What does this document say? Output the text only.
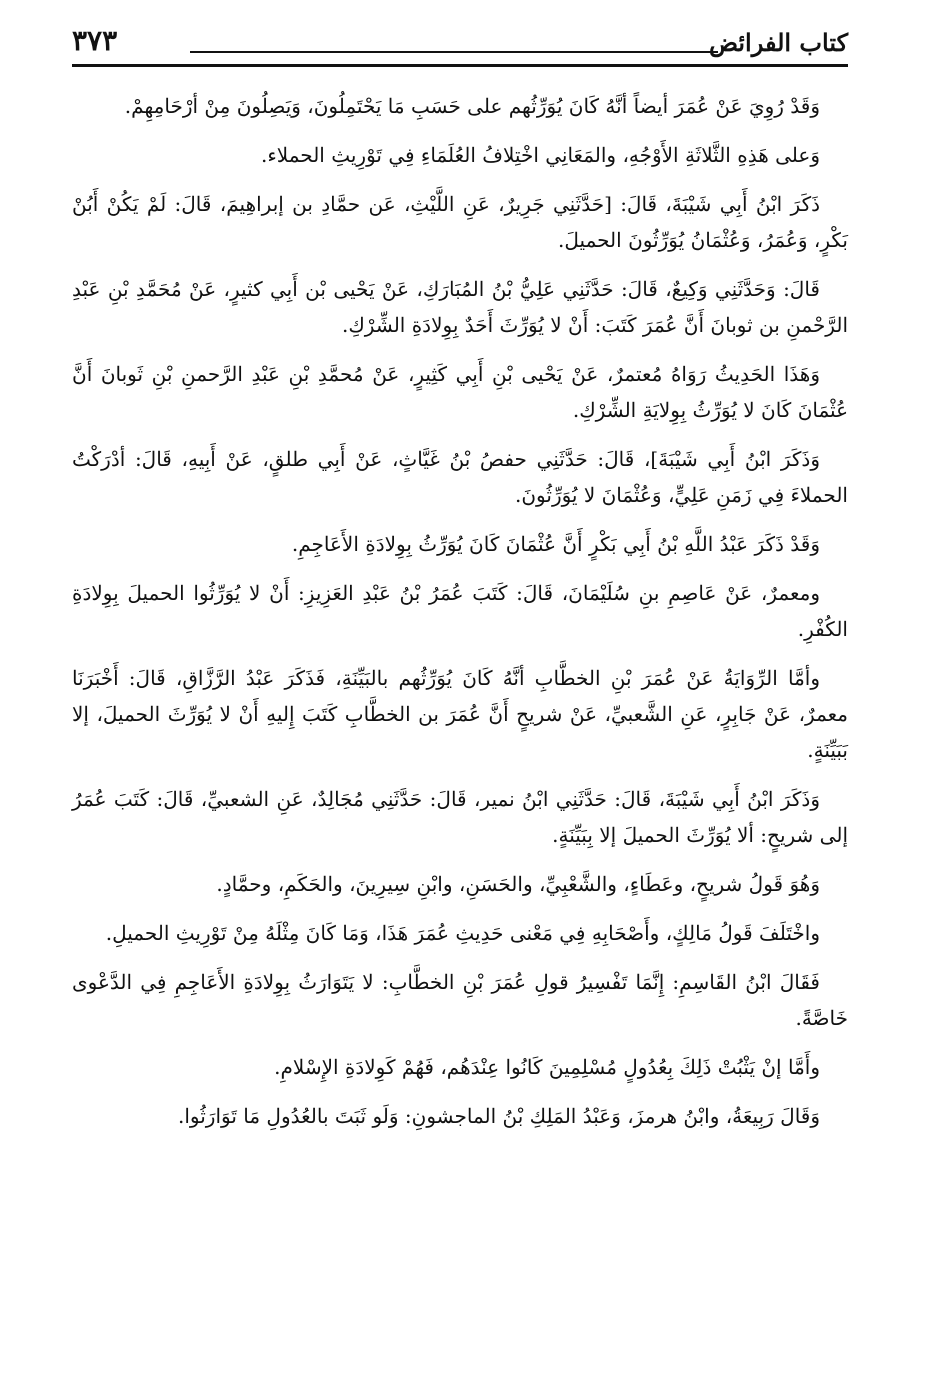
كتاب الفرائض
٣٧٣

وَقَدْ رُوِيَ عَنْ عُمَرَ أيضاً أنَّهُ كَانَ يُوَرِّثُهم على حَسَبِ مَا يَحْتَمِلُونَ، وَيَصِلُونَ مِنْ أرْحَامِهِمْ.

وَعلى هَذِهِ الثَّلاثَةِ الأَوْجُهِ، والمَعَانِي اخْتِلافُ العُلَمَاءِ فِي تَوْرِيثِ الحملاء.

ذَكَرَ ابْنُ أَبِي شَيْبَةَ، قَالَ: [حَدَّثَنِي جَرِيرٌ، عَنِ اللَّيْثِ، عَن حمَّادِ بن إبراهِيمَ، قَالَ: لَمْ يَكُنْ أَبُنْ بَكْرٍ، وَعُمَرُ، وَعُثْمَانُ يُوَرِّثُونَ الحميلَ.

قَالَ: وَحَدَّثَنِي وَكِيعٌ، قَالَ: حَدَّثَنِي عَلِيُّ بْنُ المُبَارَكِ، عَنْ يَحْيى بْن أَبِي كثيرٍ، عَنْ مُحَمَّدِ بْنِ عَبْدِ الرَّحْمنِ بن ثوبانَ أَنَّ عُمَرَ كَتَبَ: أَنْ لا يُوَرِّثَ أَحَدٌ بِوِلادَةِ الشِّرْكِ.

وَهَذَا الحَدِيثُ رَوَاهُ مُعتمرٌ، عَنْ يَحْيى بْنِ أَبِي كَثِيرٍ، عَنْ مُحمَّدِ بْنِ عَبْدِ الرَّحمنِ بْنِ ثَوبانَ أَنَّ عُثْمَانَ كَانَ لا يُوَرِّثُ بِوِلايَةِ الشِّرْكِ.

وَذَكَرَ ابْنُ أَبِي شَيْبَةَ]، قَالَ: حَدَّثَنِي حفصُ بْنُ غَيَّاثٍ، عَنْ أَبِي طلقٍ، عَنْ أَبِيهِ، قَالَ: أدْرَكْتُ الحملاءَ فِي زَمَنِ عَلِيٍّ، وَعُثْمَانَ لا يُوَرِّثُونَ.

وَقَدْ ذَكَرَ عَبْدُ اللَّهِ بْنُ أَبِي بَكْرٍ أَنَّ عُثْمَانَ كَانَ يُوَرِّثُ بِوِلادَةِ الأَعَاجِمِ.

ومعمرٌ، عَنْ عَاصِمِ بنِ سُلَيْمَانَ، قَالَ: كَتَبَ عُمَرُ بْنُ عَبْدِ العَزِيزِ: أَنْ لا يُوَرِّثُوا الحميلَ بِوِلادَةِ الكُفْرِ.

وأمَّا الرِّوَايَةُ عَنْ عُمَرَ بْنِ الخطَّابِ أنَّهُ كَانَ يُوَرِّثُهم بالبَيِّنَةِ، فَذَكَرَ عَبْدُ الرَّزَّاقِ، قَالَ: أَخْبَرَنَا معمرٌ، عَنْ جَابِرٍ، عَنِ الشَّعبيِّ، عَنْ شريحٍ أَنَّ عُمَرَ بن الخطَّابِ كَتَبَ إِليهِ أَنْ لا يُوَرِّثَ الحميلَ، إلا بَبَيِّنَةٍ.

وَذَكَرَ ابْنُ أَبِي شَيْبَةَ، قَالَ: حَدَّثَنِي ابْنُ نمير، قَالَ: حَدَّثَنِي مُجَالِدٌ، عَنِ الشعبيِّ، قَالَ: كَتَبَ عُمَرُ إلى شريحٍ: ألا يُوَرِّثَ الحميلَ إلا بِبَيِّنَةٍ.

وَهُوَ قَولُ شريحٍ، وعَطَاءٍ، والشَّعْبِيِّ، والحَسَنِ، وابْنِ سِيرِينَ، والحَكَمِ، وحمَّادٍ.

واخْتَلَفَ قَولُ مَالِكٍ، وأَصْحَابِهِ فِي مَعْنى حَدِيثِ عُمَرَ هَذَا، وَمَا كَانَ مِثْلَهُ مِنْ تَوْرِيثِ الحميلِ.

فَقَالَ ابْنُ القَاسِمِ: إِنَّمَا تَفْسِيرُ قولِ عُمَرَ بْنِ الخطَّابِ: لا يَتَوَارَثُ بِوِلادَةِ الأَعَاجِمِ فِي الدَّعْوى خَاصَّةً.

وأَمَّا إنْ يَثْبُتْ ذَلِكَ بِعُدُولٍ مُسْلِمِينَ كَانُوا عِنْدَهُم، فَهُمْ كَوِلادَةِ الإِسْلامِ.

وَقَالَ رَبِيعَةُ، وابْنُ هرمزَ، وَعَبْدُ المَلِكِ بْنُ الماجشونِ: وَلَو ثَبَتَ بالعُدُولِ مَا تَوَارَثُوا.
